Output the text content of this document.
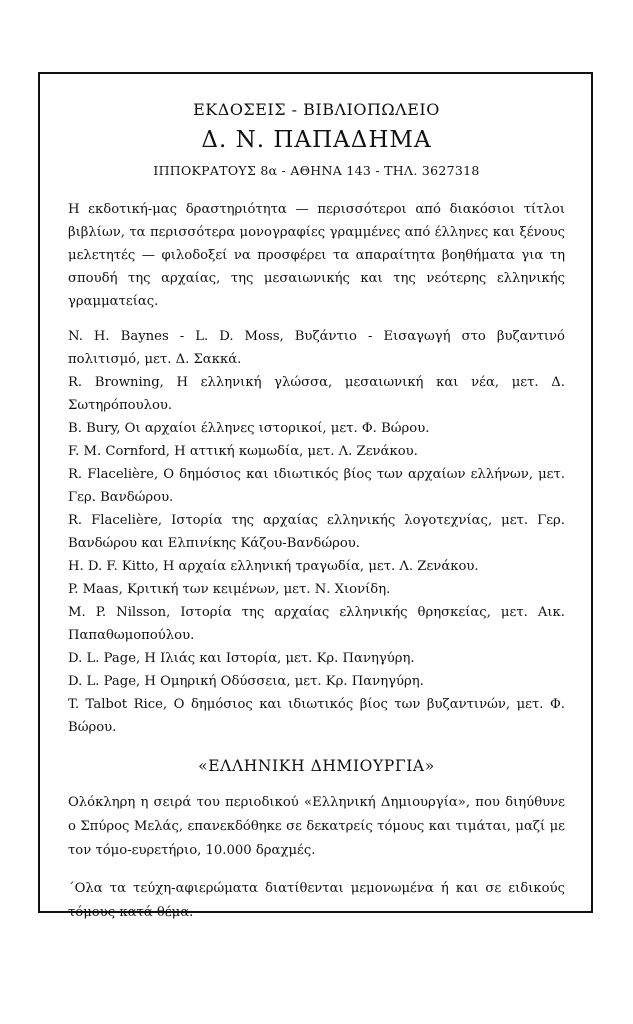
ΕΚΔΟΣΕΙΣ - ΒΙΒΛΙΟΠΩΛΕΙΟ

Δ. Ν. ΠΑΠΑΔΗΜΑ

ΙΠΠΟΚΡΑΤΟΥΣ 8α - ΑΘΗΝΑ 143 - ΤΗΛ. 3627318

Η εκδοτική-μας δραστηριότητα — περισσότεροι από διακόσιοι τίτλοι βιβλίων, τα περισσότερα μονογραφίες γραμμένες από έλληνες και ξένους μελετητές — φιλοδοξεί να προσφέρει τα απαραίτητα βοηθήματα για τη σπουδή της αρχαίας, της μεσαιωνικής και της νεότερης ελληνικής γραμματείας.

N. H. Baynes - L. D. Moss, Βυζάντιο - Εισαγωγή στο βυζαντινό πολιτισμό, μετ. Δ. Σακκά.
R. Browning, Η ελληνική γλώσσα, μεσαιωνική και νέα, μετ. Δ. Σωτηρόπουλου.
B. Bury, Οι αρχαίοι έλληνες ιστορικοί, μετ. Φ. Βώρου.
F. M. Cornford, Η αττική κωμωδία, μετ. Λ. Ζενάκου.
R. Flacelière, Ο δημόσιος και ιδιωτικός βίος των αρχαίων ελλήνων, μετ. Γερ. Βανδώρου.
R. Flacelière, Ιστορία της αρχαίας ελληνικής λογοτεχνίας, μετ. Γερ. Βανδώρου και Ελπινίκης Κάζου-Βανδώρου.
H. D. F. Kitto, Η αρχαία ελληνική τραγωδία, μετ. Λ. Ζενάκου.
P. Maas, Κριτική των κειμένων, μετ. Ν. Χιονίδη.
M. P. Nilsson, Ιστορία της αρχαίας ελληνικής θρησκείας, μετ. Αικ. Παπαθωμοπούλου.
D. L. Page, Η Ιλιάς και Ιστορία, μετ. Κρ. Πανηγύρη.
D. L. Page, Η Ομηρική Οδύσσεια, μετ. Κρ. Πανηγύρη.
T. Talbot Rice, Ο δημόσιος και ιδιωτικός βίος των βυζαντινών, μετ. Φ. Βώρου.

«ΕΛΛΗΝΙΚΗ ΔΗΜΙΟΥΡΓΙΑ»

Ολόκληρη η σειρά του περιοδικού «Ελληνική Δημιουργία», που διηύθυνε ο Σπύρος Μελάς, επανεκδόθηκε σε δεκατρείς τόμους και τιμάται, μαζί με τον τόμο-ευρετήριο, 10.000 δραχμές.

΄Ολα τα τεύχη-αφιερώματα διατίθενται μεμονωμένα ή και σε ειδικούς τόμους κατά θέμα.
